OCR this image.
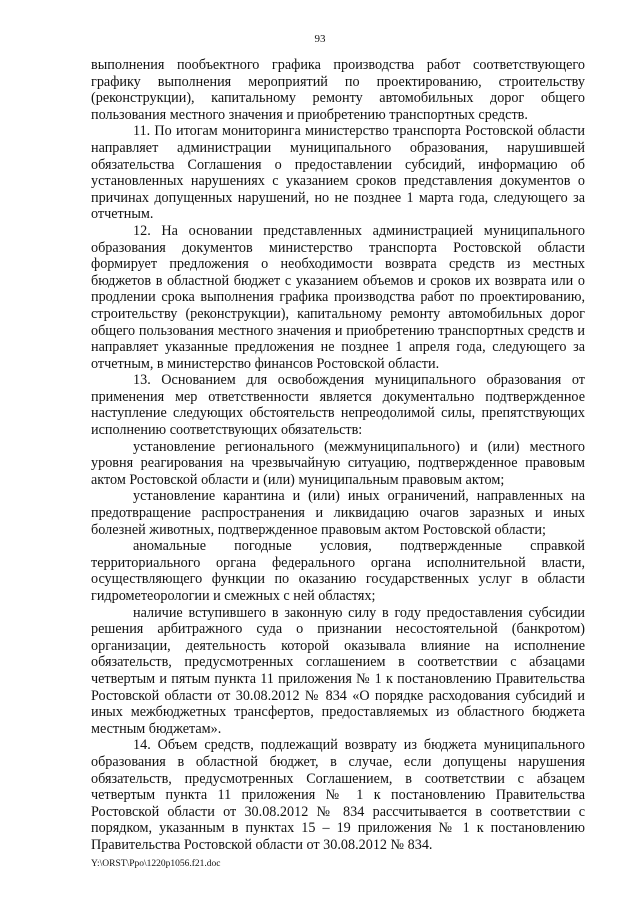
93

выполнения пообъектного графика производства работ соответствующего графику выполнения мероприятий по проектированию, строительству (реконструкции), капитальному ремонту автомобильных дорог общего пользования местного значения и приобретению транспортных средств.

11. По итогам мониторинга министерство транспорта Ростовской области направляет администрации муниципального образования, нарушившей обязательства Соглашения о предоставлении субсидий, информацию об установленных нарушениях с указанием сроков представления документов о причинах допущенных нарушений, но не позднее 1 марта года, следующего за отчетным.

12. На основании представленных администрацией муниципального образования документов министерство транспорта Ростовской области формирует предложения о необходимости возврата средств из местных бюджетов в областной бюджет с указанием объемов и сроков их возврата или о продлении срока выполнения графика производства работ по проектированию, строительству (реконструкции), капитальному ремонту автомобильных дорог общего пользования местного значения и приобретению транспортных средств и направляет указанные предложения не позднее 1 апреля года, следующего за отчетным, в министерство финансов Ростовской области.

13. Основанием для освобождения муниципального образования от применения мер ответственности является документально подтвержденное наступление следующих обстоятельств непреодолимой силы, препятствующих исполнению соответствующих обязательств:

установление регионального (межмуниципального) и (или) местного уровня реагирования на чрезвычайную ситуацию, подтвержденное правовым актом Ростовской области и (или) муниципальным правовым актом;

установление карантина и (или) иных ограничений, направленных на предотвращение распространения и ликвидацию очагов заразных и иных болезней животных, подтвержденное правовым актом Ростовской области;

аномальные погодные условия, подтвержденные справкой территориального органа федерального органа исполнительной власти, осуществляющего функции по оказанию государственных услуг в области гидрометеорологии и смежных с ней областях;

наличие вступившего в законную силу в году предоставления субсидии решения арбитражного суда о признании несостоятельной (банкротом) организации, деятельность которой оказывала влияние на исполнение обязательств, предусмотренных соглашением в соответствии с абзацами четвертым и пятым пункта 11 приложения № 1 к постановлению Правительства Ростовской области от 30.08.2012 № 834 «О порядке расходования субсидий и иных межбюджетных трансфертов, предоставляемых из областного бюджета местным бюджетам».

14. Объем средств, подлежащий возврату из бюджета муниципального образования в областной бюджет, в случае, если допущены нарушения обязательств, предусмотренных Соглашением, в соответствии с абзацем четвертым пункта 11 приложения № 1 к постановлению Правительства Ростовской области от 30.08.2012 № 834 рассчитывается в соответствии с порядком, указанным в пунктах 15 – 19 приложения № 1 к постановлению Правительства Ростовской области от 30.08.2012 № 834.

Y:\ORST\Ppo\1220p1056.f21.doc
